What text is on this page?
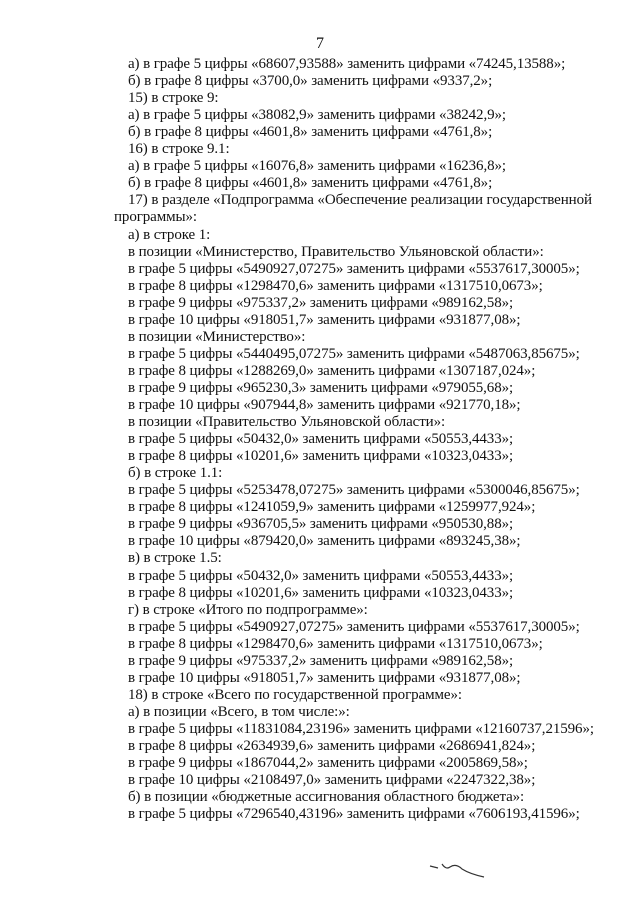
7
а) в графе 5 цифры «68607,93588» заменить цифрами «74245,13588»;
б) в графе 8 цифры «3700,0» заменить цифрами «9337,2»;
15) в строке 9:
а) в графе 5 цифры «38082,9» заменить цифрами «38242,9»;
б) в графе 8 цифры «4601,8» заменить цифрами «4761,8»;
16) в строке 9.1:
а) в графе 5 цифры «16076,8» заменить цифрами «16236,8»;
б) в графе 8 цифры «4601,8» заменить цифрами «4761,8»;
17) в разделе «Подпрограмма «Обеспечение реализации государственной
программы»:
а) в строке 1:
в позиции «Министерство, Правительство Ульяновской области»:
в графе 5 цифры «5490927,07275» заменить цифрами «5537617,30005»;
в графе 8 цифры «1298470,6» заменить цифрами «1317510,0673»;
в графе 9 цифры «975337,2» заменить цифрами «989162,58»;
в графе 10 цифры «918051,7» заменить цифрами «931877,08»;
в позиции «Министерство»:
в графе 5 цифры «5440495,07275» заменить цифрами «5487063,85675»;
в графе 8 цифры «1288269,0» заменить цифрами «1307187,024»;
в графе 9 цифры «965230,3» заменить цифрами «979055,68»;
в графе 10 цифры «907944,8» заменить цифрами «921770,18»;
в позиции «Правительство Ульяновской области»:
в графе 5 цифры «50432,0» заменить цифрами «50553,4433»;
в графе 8 цифры «10201,6» заменить цифрами «10323,0433»;
б) в строке 1.1:
в графе 5 цифры «5253478,07275» заменить цифрами «5300046,85675»;
в графе 8 цифры «1241059,9» заменить цифрами «1259977,924»;
в графе 9 цифры «936705,5» заменить цифрами «950530,88»;
в графе 10 цифры «879420,0» заменить цифрами «893245,38»;
в) в строке 1.5:
в графе 5 цифры «50432,0» заменить цифрами «50553,4433»;
в графе 8 цифры «10201,6» заменить цифрами «10323,0433»;
г) в строке «Итого по подпрограмме»:
в графе 5 цифры «5490927,07275» заменить цифрами «5537617,30005»;
в графе 8 цифры «1298470,6» заменить цифрами «1317510,0673»;
в графе 9 цифры «975337,2» заменить цифрами «989162,58»;
в графе 10 цифры «918051,7» заменить цифрами «931877,08»;
18) в строке «Всего по государственной программе»:
а) в позиции «Всего, в том числе:»:
в графе 5 цифры «11831084,23196» заменить цифрами «12160737,21596»;
в графе 8 цифры «2634939,6» заменить цифрами «2686941,824»;
в графе 9 цифры «1867044,2» заменить цифрами «2005869,58»;
в графе 10 цифры «2108497,0» заменить цифрами «2247322,38»;
б) в позиции «бюджетные ассигнования областного бюджета»:
в графе 5 цифры «7296540,43196» заменить цифрами «7606193,41596»;
